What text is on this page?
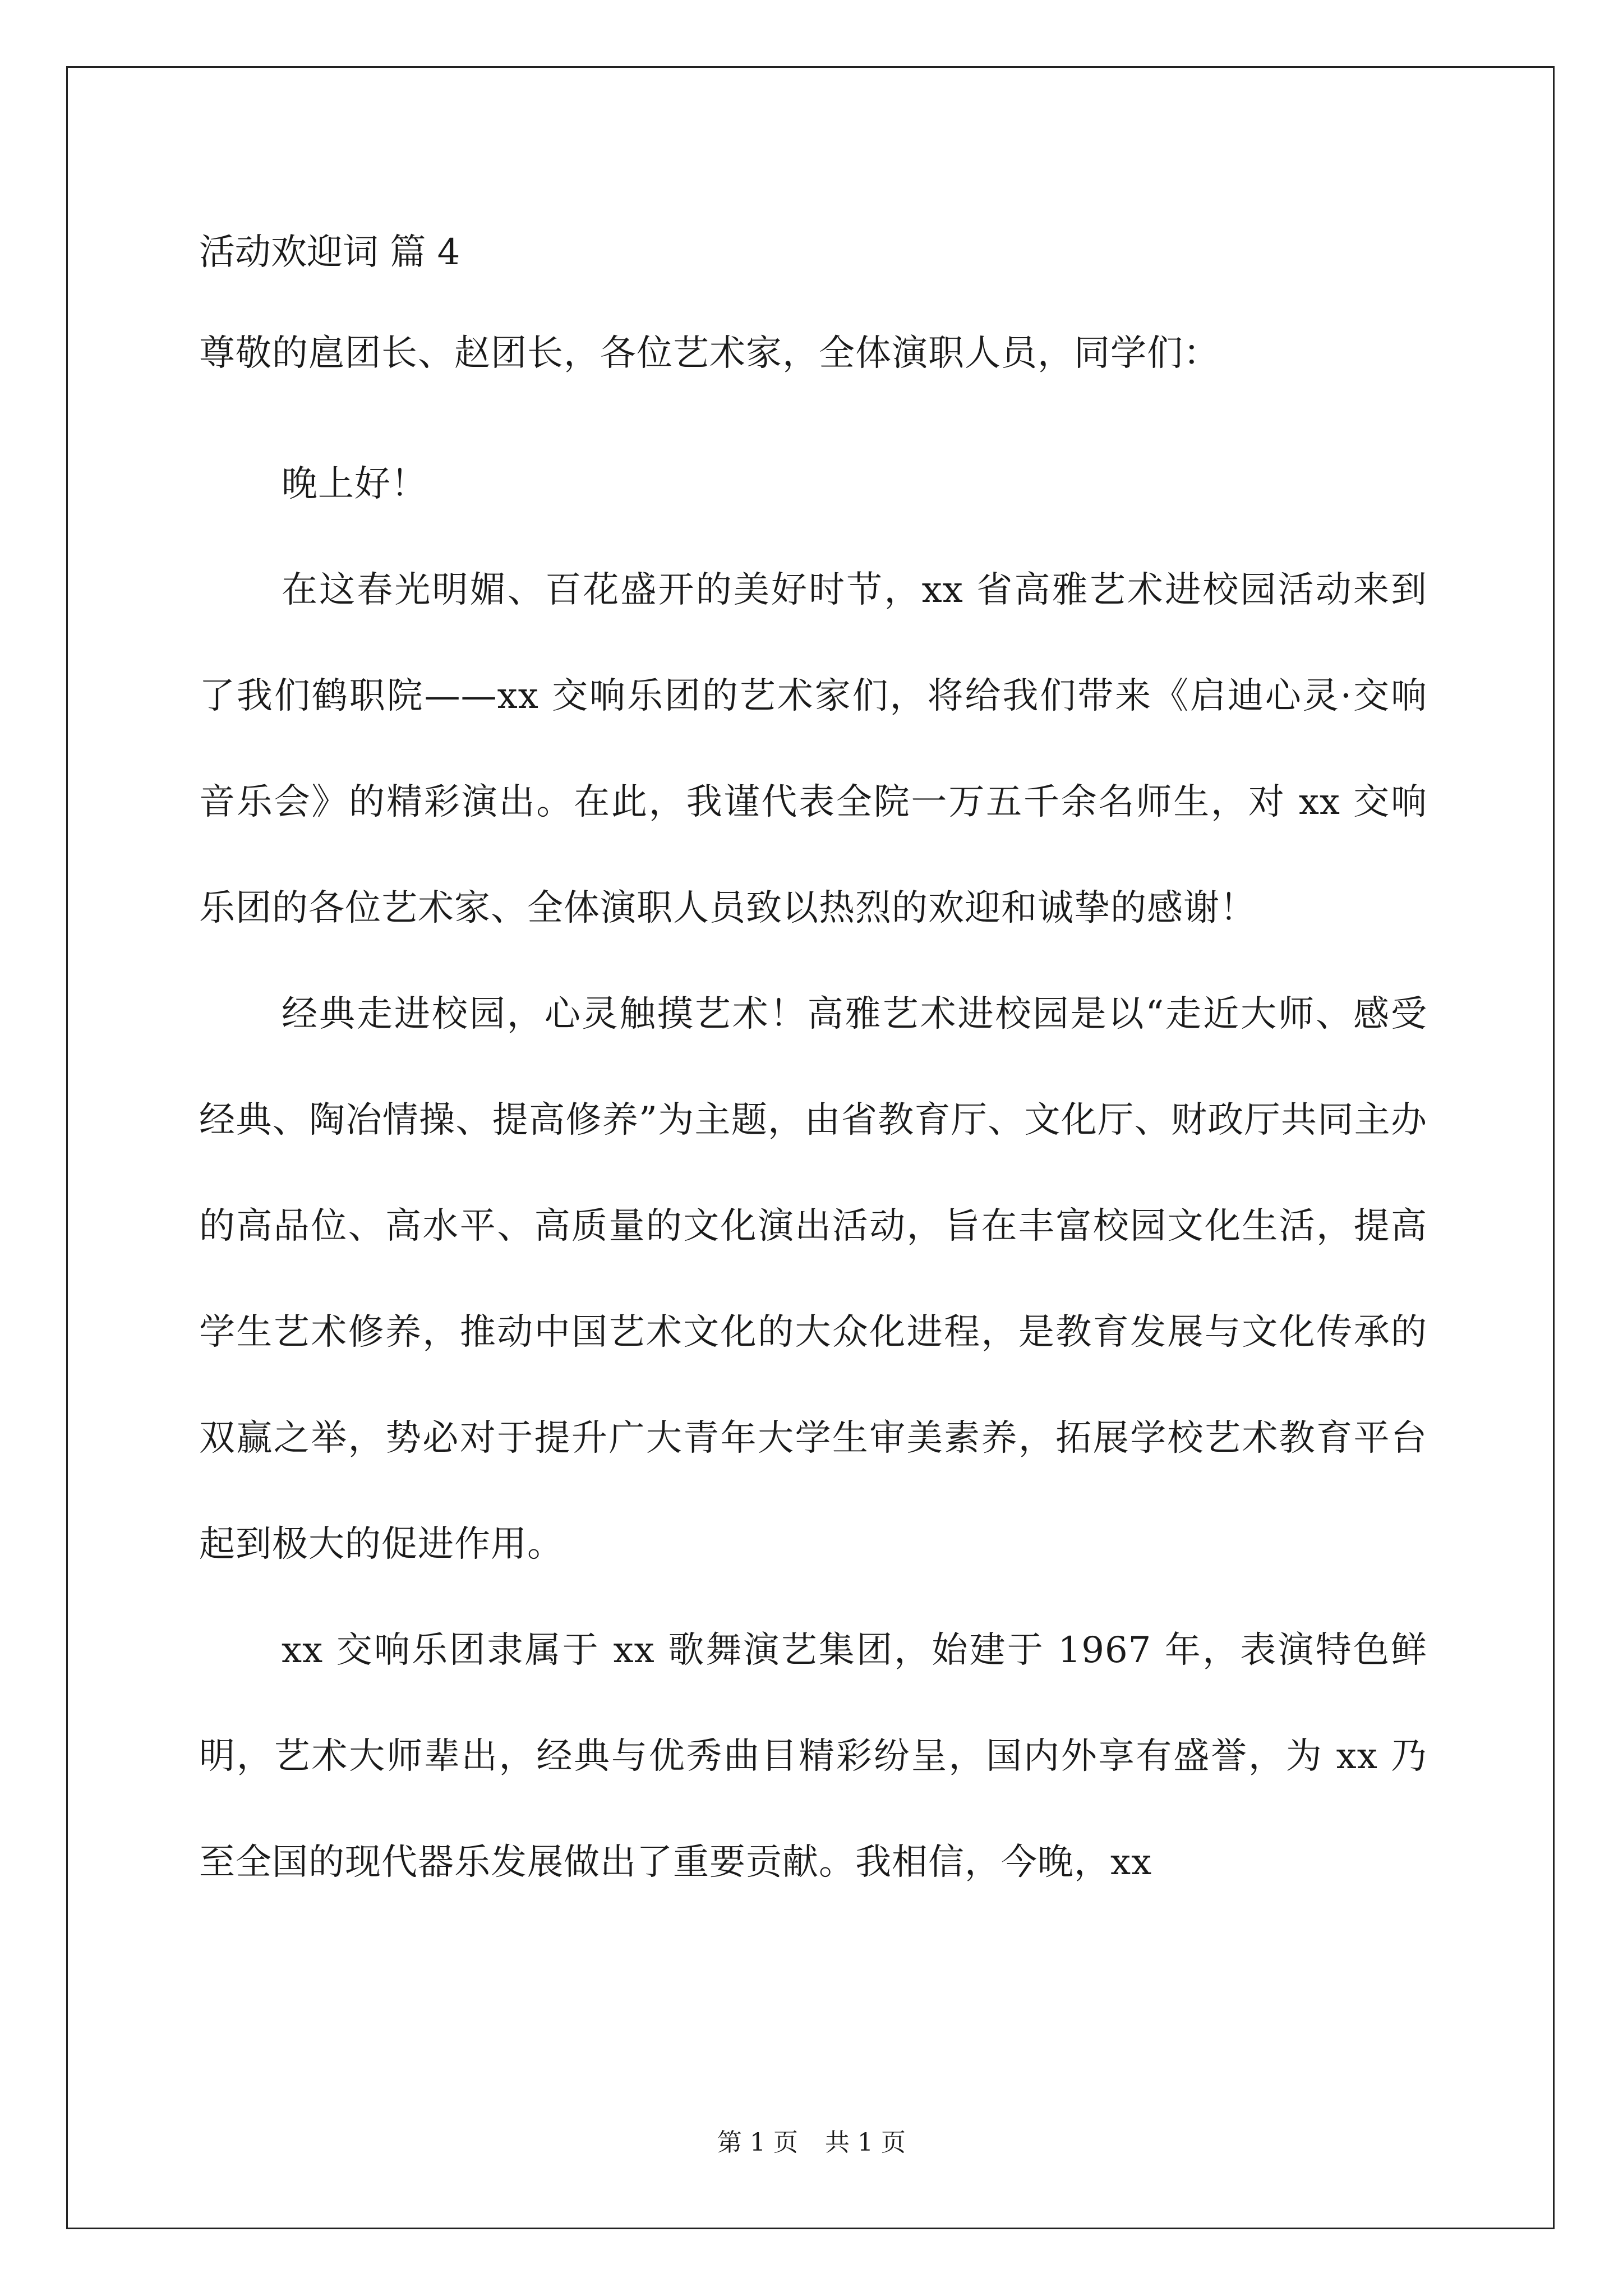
活动欢迎词 篇 4

尊敬的扈团长、赵团长，各位艺术家，全体演职人员，同学们：

晚上好！

在这春光明媚、百花盛开的美好时节，xx 省高雅艺术进校园活动来到了我们鹤职院——xx 交响乐团的艺术家们，将给我们带来《启迪心灵·交响音乐会》的精彩演出。在此，我谨代表全院一万五千余名师生，对 xx 交响乐团的各位艺术家、全体演职人员致以热烈的欢迎和诚挚的感谢！

经典走进校园，心灵触摸艺术！高雅艺术进校园是以“走近大师、感受经典、陶冶情操、提高修养”为主题，由省教育厅、文化厅、财政厅共同主办的高品位、高水平、高质量的文化演出活动，旨在丰富校园文化生活，提高学生艺术修养，推动中国艺术文化的大众化进程，是教育发展与文化传承的双赢之举，势必对于提升广大青年大学生审美素养，拓展学校艺术教育平台起到极大的促进作用。

xx 交响乐团隶属于 xx 歌舞演艺集团，始建于 1967 年，表演特色鲜明，艺术大师辈出，经典与优秀曲目精彩纷呈，国内外享有盛誉，为 xx 乃至全国的现代器乐发展做出了重要贡献。我相信，今晚，xx

第 1 页 共 1 页
